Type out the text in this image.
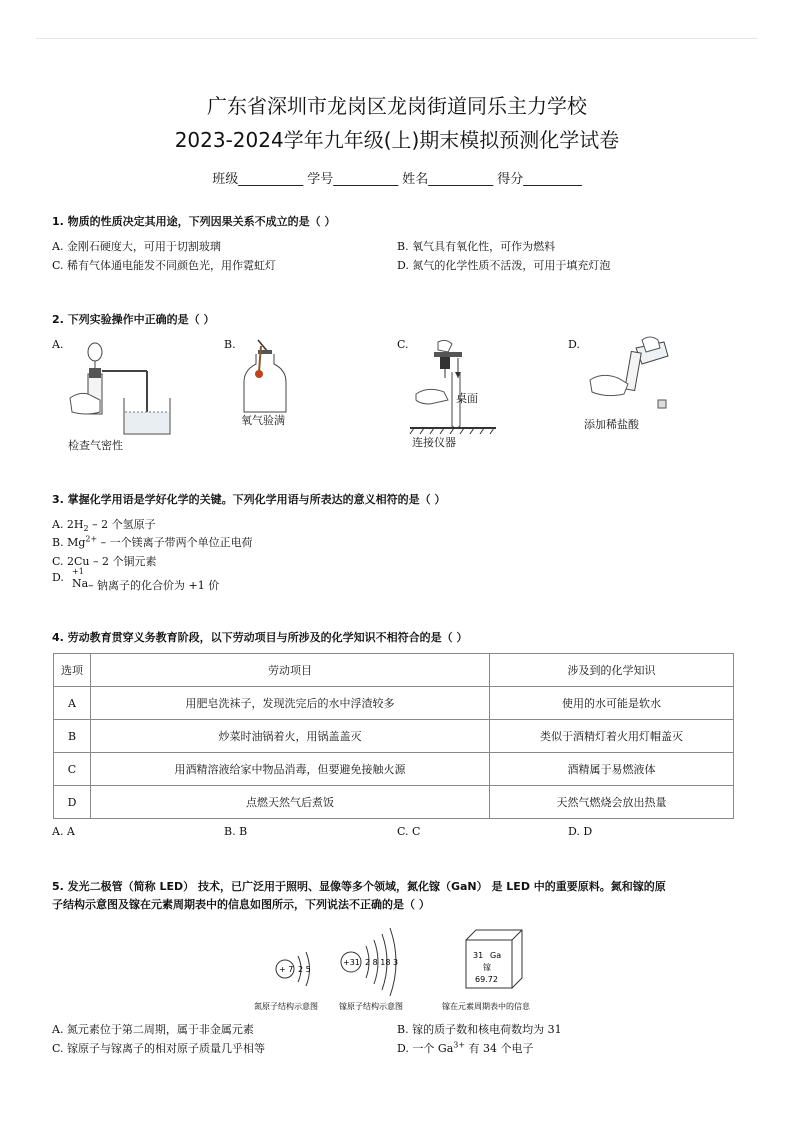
广东省深圳市龙岗区龙岗街道同乐主力学校
2023-2024学年九年级(上)期末模拟预测化学试卷
班级__________ 学号__________ 姓名__________ 得分_________
1. 物质的性质决定其用途，下列因果关系不成立的是（ ）
A. 金刚石硬度大，可用于切割玻璃	B. 氧气具有氧化性，可作为燃料
C. 稀有气体通电能发不同颜色光，用作霓虹灯	D. 氮气的化学性质不活泼，可用于填充灯泡
2. 下列实验操作中正确的是（ ）
A.
检查气密性
B.
氧气验满
C.
桌面
连接仪器
D.
添加稀盐酸
3. 掌握化学用语是学好化学的关键。下列化学用语与所表达的意义相符的是（ ）
A. $2H_2 - 2$ 个氢原子
B. $Mg^{2+}$ – 一个镁离子带两个单位正电荷
C. 2Cu – 2 个铜元素
D. +1
Na – 钠离子的化合价为 +1 价
4. 劳动教育贯穿义务教育阶段，以下劳动项目与所涉及的化学知识不相符合的是（ ）
选项	劳动项目	涉及到的化学知识
A	用肥皂洗袜子，发现洗完后的水中浮渣较多	使用的水可能是软水
B	炒菜时油锅着火，用锅盖盖灭	类似于酒精灯着火用灯帽盖灭
C	用酒精溶液给家中物品消毒，但要避免接触火源	酒精属于易燃液体
D	点燃天然气后煮饭	天然气燃烧会放出热量
A. A	B. B	C. C	D. D
5. 发光二极管（简称 LED） 技术，已广泛用于照明、显像等多个领域，氮化镓（GaN） 是 LED 中的重要原料。氮和镓的原
子结构示意图及镓在元素周期表中的信息如图所示，下列说法不正确的是（ ）
+ 7 2 5
+31 2 8 18 3
31 Ga
镓
69.72
氮原子结构示意图	镓原子结构示意图	镓在元素周期表中的信息
A. 氮元素位于第二周期，属于非金属元素	B. 镓的质子数和核电荷数均为 31
C. 镓原子与镓离子的相对原子质量几乎相等	D. 一个 $Ga^{3+}$ 有 34 个电子
